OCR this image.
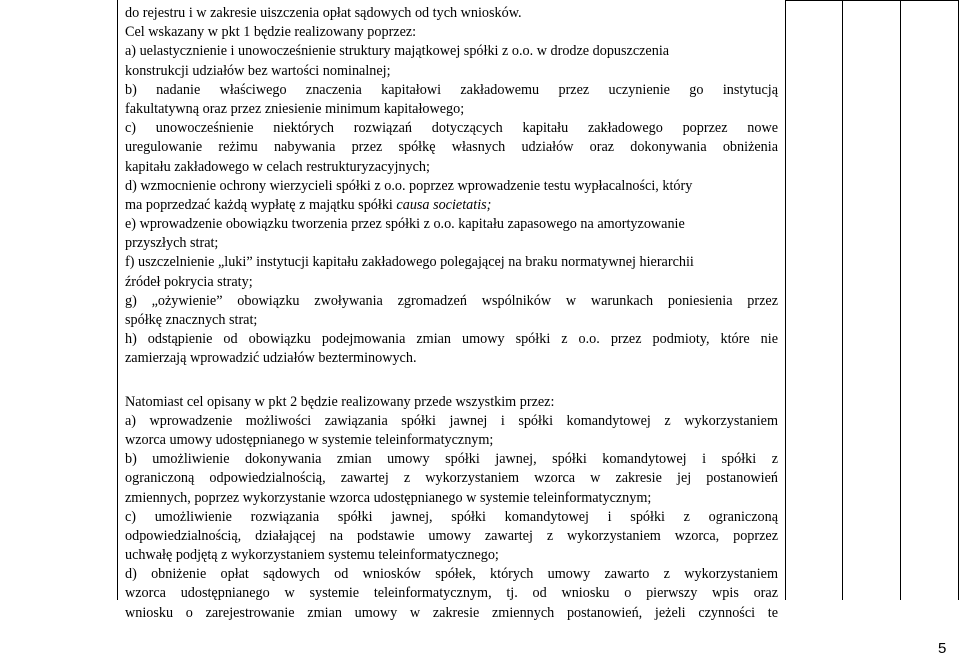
do rejestru i w zakresie uiszczenia opłat sądowych od tych wniosków.
Cel wskazany w pkt 1 będzie realizowany poprzez:
a) uelastycznienie i unowocześnienie struktury majątkowej spółki z o.o. w drodze dopuszczenia
konstrukcji udziałów bez wartości nominalnej;
b) nadanie właściwego znaczenia kapitałowi zakładowemu przez uczynienie go instytucją
fakultatywną oraz przez zniesienie minimum kapitałowego;
c) unowocześnienie niektórych rozwiązań dotyczących kapitału zakładowego poprzez nowe
uregulowanie reżimu nabywania przez spółkę własnych udziałów oraz dokonywania obniżenia
kapitału zakładowego w celach restrukturyzacyjnych;
d) wzmocnienie ochrony wierzycieli spółki z o.o. poprzez wprowadzenie testu wypłacalności, który
ma poprzedzać każdą wypłatę z majątku spółki causa societatis;
e) wprowadzenie obowiązku tworzenia przez spółki z o.o. kapitału zapasowego na amortyzowanie
przyszłych strat;
f) uszczelnienie „luki” instytucji kapitału zakładowego polegającej na braku normatywnej hierarchii
źródeł pokrycia straty;
g) „ożywienie” obowiązku zwoływania zgromadzeń wspólników w warunkach poniesienia przez
spółkę znacznych strat;
h) odstąpienie od obowiązku podejmowania zmian umowy spółki z o.o. przez podmioty, które nie
zamierzają wprowadzić udziałów bezterminowych.
Natomiast cel opisany w pkt 2 będzie realizowany przede wszystkim przez:
a) wprowadzenie możliwości zawiązania spółki jawnej i spółki komandytowej z wykorzystaniem
wzorca umowy udostępnianego w systemie teleinformatycznym;
b) umożliwienie dokonywania zmian umowy spółki jawnej, spółki komandytowej i spółki z
ograniczoną odpowiedzialnością, zawartej z wykorzystaniem wzorca w zakresie jej postanowień
zmiennych, poprzez wykorzystanie wzorca udostępnianego w systemie teleinformatycznym;
c) umożliwienie rozwiązania spółki jawnej, spółki komandytowej i spółki z ograniczoną
odpowiedzialnością, działającej na podstawie umowy zawartej z wykorzystaniem wzorca, poprzez
uchwałę podjętą z wykorzystaniem systemu teleinformatycznego;
d) obniżenie opłat sądowych od wniosków spółek, których umowy zawarto z wykorzystaniem
wzorca udostępnianego w systemie teleinformatycznym, tj. od wniosku o pierwszy wpis oraz
wniosku o zarejestrowanie zmian umowy w zakresie zmiennych postanowień, jeżeli czynności te
5
